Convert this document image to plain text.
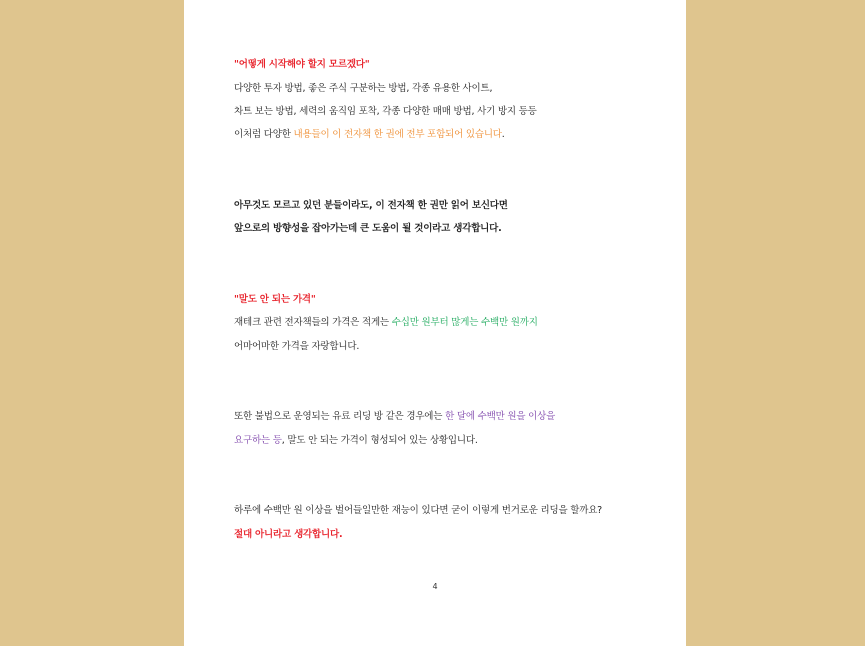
"어떻게 시작해야 할지 모르겠다"
다양한 투자 방법, 좋은 주식 구분하는 방법, 각종 유용한 사이트,
차트 보는 방법, 세력의 움직임 포착, 각종 다양한 매매 방법, 사기 방지 등등
이처럼 다양한 내용들이 이 전자책 한 권에 전부 포함되어 있습니다.
아무것도 모르고 있던 분들이라도, 이 전자책 한 권만 읽어 보신다면
앞으로의 방향성을 잡아가는데 큰 도움이 될 것이라고 생각합니다.
"말도 안 되는 가격"
재테크 관련 전자책들의 가격은 적게는 수십만 원부터 많게는 수백만 원까지
어마어마한 가격을 자랑합니다.
또한 불법으로 운영되는 유료 리딩 방 같은 경우에는 한 달에 수백만 원을 이상을
요구하는 등, 말도 안 되는 가격이 형성되어 있는 상황입니다.
하루에 수백만 원 이상을 벌어들일만한 재능이 있다면 굳이 이렇게 번거로운 리딩을 할까요?
절대 아니라고 생각합니다.
4
